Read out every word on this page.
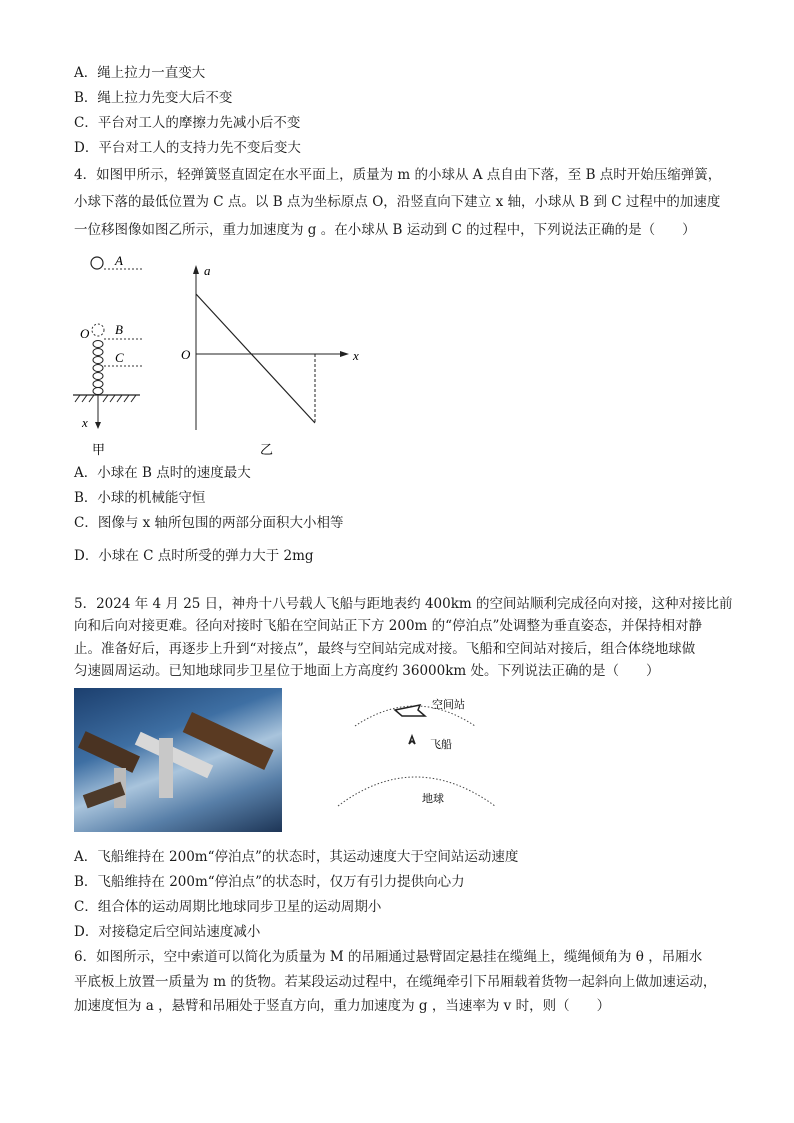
A．绳上拉力一直变大
B．绳上拉力先变大后不变
C．平台对工人的摩擦力先减小后不变
D．平台对工人的支持力先不变后变大
4．如图甲所示，轻弹簧竖直固定在水平面上，质量为 m 的小球从 A 点自由下落，至 B 点时开始压缩弹簧，
小球下落的最低位置为 C 点。以 B 点为坐标原点 O，沿竖直向下建立 x 轴，小球从 B 到 C 过程中的加速度
一位移图像如图乙所示，重力加速度为 g 。在小球从 B 运动到 C 的过程中，下列说法正确的是（　　）
A
O B
C
x
甲
a
x
O
乙
A．小球在 B 点时的速度最大
B．小球的机械能守恒
C．图像与 x 轴所包围的两部分面积大小相等
D．小球在 C 点时所受的弹力大于 2mg
5．2024 年 4 月 25 日，神舟十八号载人飞船与距地表约 400km 的空间站顺利完成径向对接，这种对接比前
向和后向对接更难。径向对接时飞船在空间站正下方 200m 的“停泊点”处调整为垂直姿态，并保持相对静
止。准备好后，再逐步上升到“对接点”，最终与空间站完成对接。飞船和空间站对接后，组合体绕地球做
匀速圆周运动。已知地球同步卫星位于地面上方高度约 36000km 处。下列说法正确的是（　　）
空间站
飞船
地球
A．飞船维持在 200m“停泊点”的状态时，其运动速度大于空间站运动速度
B．飞船维持在 200m“停泊点”的状态时，仅万有引力提供向心力
C．组合体的运动周期比地球同步卫星的运动周期小
D．对接稳定后空间站速度减小
6．如图所示，空中索道可以简化为质量为 M 的吊厢通过悬臂固定悬挂在缆绳上，缆绳倾角为 θ ，吊厢水
平底板上放置一质量为 m 的货物。若某段运动过程中，在缆绳牵引下吊厢载着货物一起斜向上做加速运动，
加速度恒为 a ，悬臂和吊厢处于竖直方向，重力加速度为 g ，当速率为 v 时，则（　　）
